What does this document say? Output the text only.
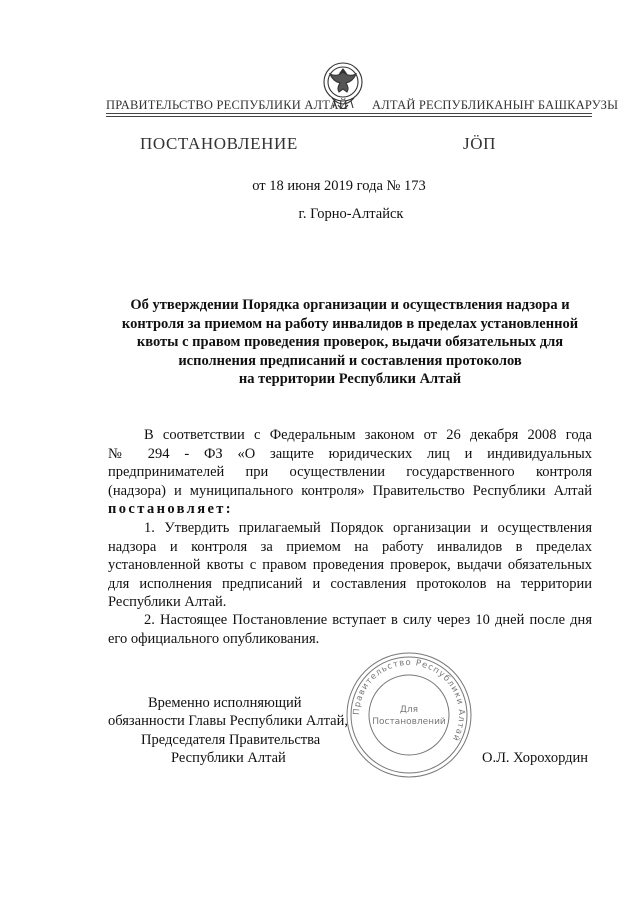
ПРАВИТЕЛЬСТВО РЕСПУБЛИКИ АЛТАЙ АЛТАЙ РЕСПУБЛИКАНЫҤ БАШКАРУЗЫ
ПОСТАНОВЛЕНИЕ	ЈӦП
от 18 июня 2019 года № 173
г. Горно-Алтайск
Об утверждении Порядка организации и осуществления надзора и
контроля за приемом на работу инвалидов в пределах установленной
квоты с правом проведения проверок, выдачи обязательных для
исполнения предписаний и составления протоколов
на территории Республики Алтай
В соответствии с Федеральным законом от 26 декабря 2008 года
№ 294 - ФЗ «О защите юридических лиц и индивидуальных
предпринимателей при осуществлении государственного контроля
(надзора) и муниципального контроля» Правительство Республики Алтай
постановляет:
1. Утвердить прилагаемый Порядок организации и осуществления
надзора и контроля за приемом на работу инвалидов в пределах
установленной квоты с правом проведения проверок, выдачи обязательных
для исполнения предписаний и составления протоколов на территории
Республики Алтай.
2. Настоящее Постановление вступает в силу через 10 дней после дня
его официального опубликования.
Правительство Республики Алтай
Для
Постановлений
Временно исполняющий
обязанности Главы Республики Алтай,
Председателя Правительства
Республики Алтай	О.Л. Хорохордин
